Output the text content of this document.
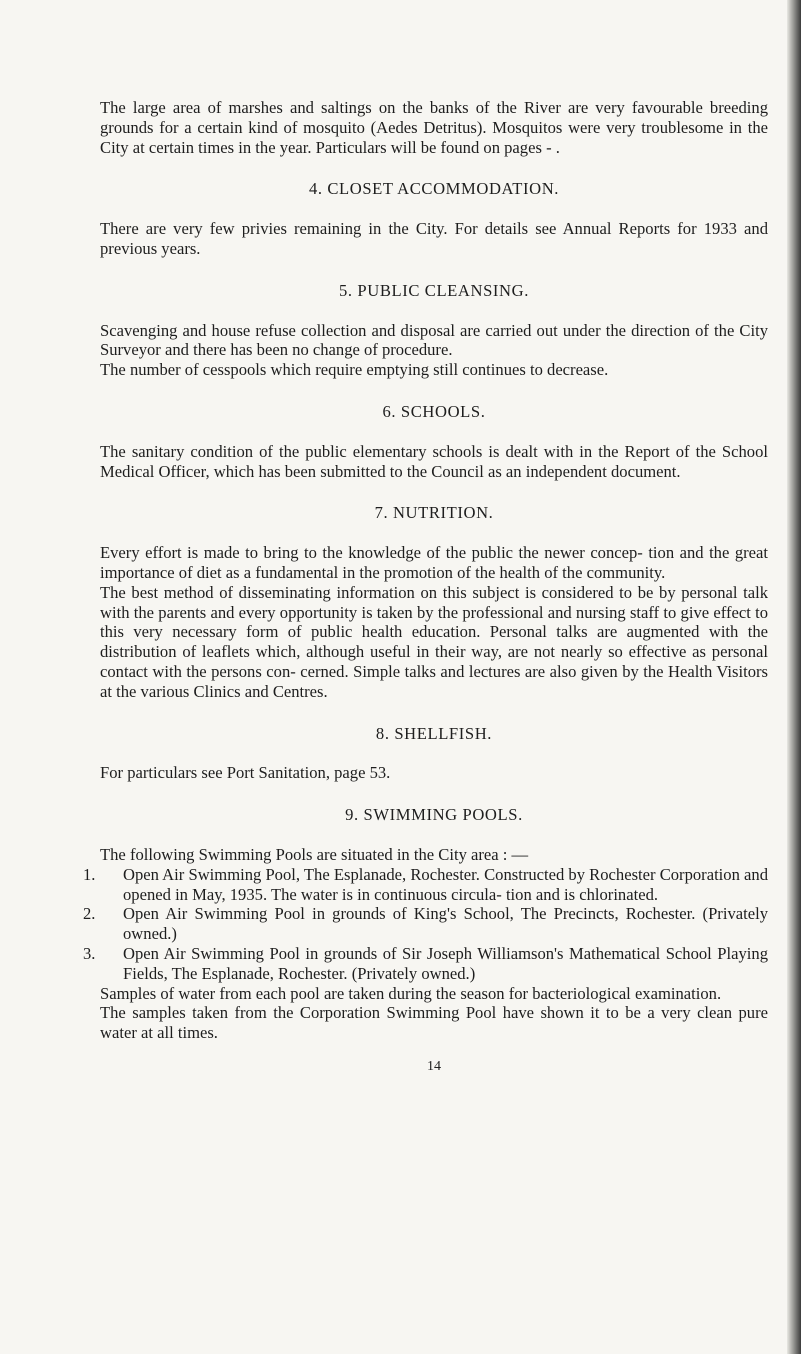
The large area of marshes and saltings on the banks of the River are very favourable breeding grounds for a certain kind of mosquito (Aedes Detritus). Mosquitos were very troublesome in the City at certain times in the year. Particulars will be found on pages - .

4. CLOSET ACCOMMODATION.

There are very few privies remaining in the City. For details see Annual Reports for 1933 and previous years.

5. PUBLIC CLEANSING.

Scavenging and house refuse collection and disposal are carried out under the direction of the City Surveyor and there has been no change of procedure.

The number of cesspools which require emptying still continues to decrease.

6. SCHOOLS.

The sanitary condition of the public elementary schools is dealt with in the Report of the School Medical Officer, which has been submitted to the Council as an independent document.

7. NUTRITION.

Every effort is made to bring to the knowledge of the public the newer concep- tion and the great importance of diet as a fundamental in the promotion of the health of the community.

The best method of disseminating information on this subject is considered to be by personal talk with the parents and every opportunity is taken by the professional and nursing staff to give effect to this very necessary form of public health education. Personal talks are augmented with the distribution of leaflets which, although useful in their way, are not nearly so effective as personal contact with the persons con- cerned. Simple talks and lectures are also given by the Health Visitors at the various Clinics and Centres.

8. SHELLFISH.

For particulars see Port Sanitation, page 53.

9. SWIMMING POOLS.

The following Swimming Pools are situated in the City area : —

1. Open Air Swimming Pool, The Esplanade, Rochester. Constructed by Rochester Corporation and opened in May, 1935. The water is in continuous circula- tion and is chlorinated.
2. Open Air Swimming Pool in grounds of King's School, The Precincts, Rochester. (Privately owned.)
3. Open Air Swimming Pool in grounds of Sir Joseph Williamson's Mathematical School Playing Fields, The Esplanade, Rochester. (Privately owned.)

Samples of water from each pool are taken during the season for bacteriological examination.

The samples taken from the Corporation Swimming Pool have shown it to be a very clean pure water at all times.

14
